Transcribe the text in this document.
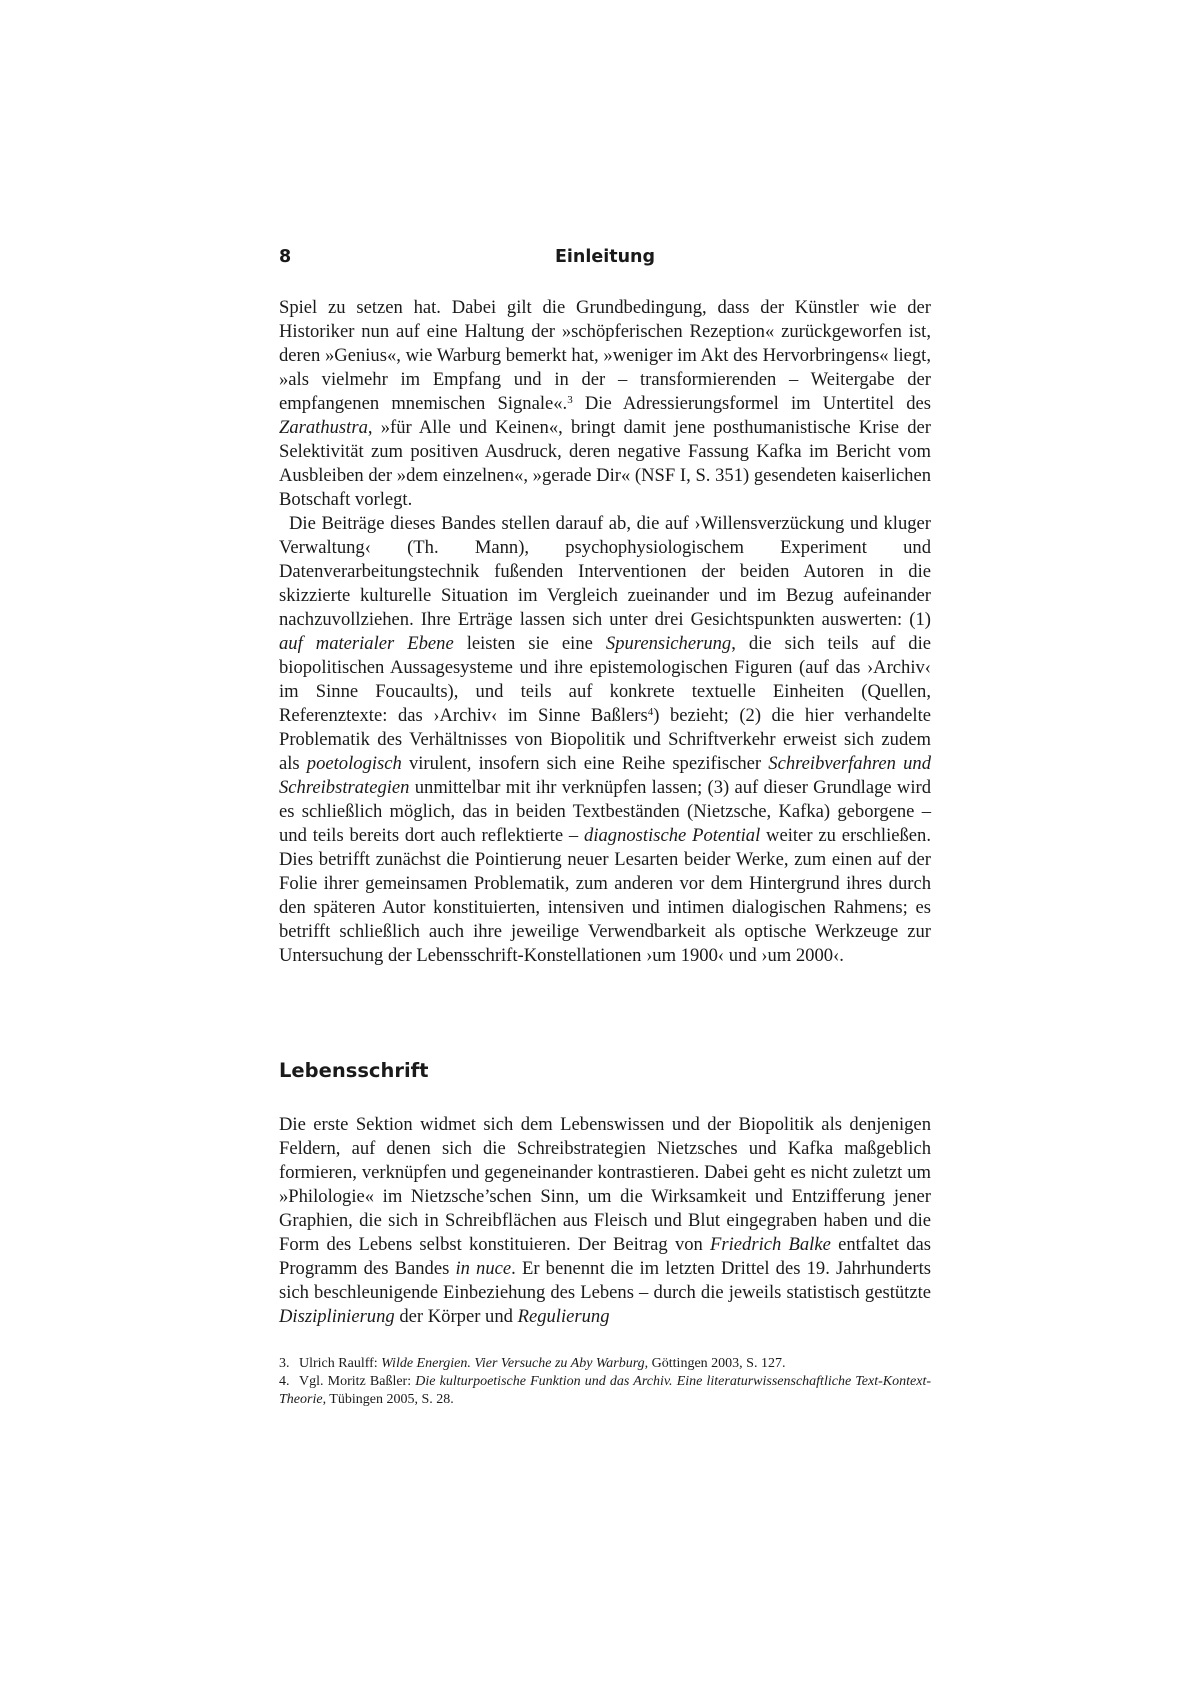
8	Einleitung

Spiel zu setzen hat. Dabei gilt die Grundbedingung, dass der Künstler wie der Historiker nun auf eine Haltung der »schöpferischen Rezeption« zurückgeworfen ist, deren »Genius«, wie Warburg bemerkt hat, »weniger im Akt des Hervorbringens« liegt, »als vielmehr im Empfang und in der – transformierenden – Weitergabe der empfangenen mnemischen Signale«.$^3$ Die Adressierungsformel im Untertitel des Zarathustra, »für Alle und Keinen«, bringt damit jene posthumanistische Krise der Selektivität zum positiven Ausdruck, deren negative Fassung Kafka im Bericht vom Ausbleiben der »dem einzelnen«, »gerade Dir« (NSF I, S. 351) gesendeten kaiserlichen Botschaft vorlegt.

Die Beiträge dieses Bandes stellen darauf ab, die auf ›Willensverzückung und kluger Verwaltung‹ (Th. Mann), psychophysiologischem Experiment und Datenverarbeitungstechnik fußenden Interventionen der beiden Autoren in die skizzierte kulturelle Situation im Vergleich zueinander und im Bezug aufeinander nachzuvollziehen. Ihre Erträge lassen sich unter drei Gesichtspunkten auswerten: (1) auf materialer Ebene leisten sie eine Spurensicherung, die sich teils auf die biopolitischen Aussagesysteme und ihre epistemologischen Figuren (auf das ›Archiv‹ im Sinne Foucaults), und teils auf konkrete textuelle Einheiten (Quellen, Referenztexte: das ›Archiv‹ im Sinne Baßlers$^4$) bezieht; (2) die hier verhandelte Problematik des Verhältnisses von Biopolitik und Schriftverkehr erweist sich zudem als poetologisch virulent, insofern sich eine Reihe spezifischer Schreibverfahren und Schreibstrategien unmittelbar mit ihr verknüpfen lassen; (3) auf dieser Grundlage wird es schließlich möglich, das in beiden Textbeständen (Nietzsche, Kafka) geborgene – und teils bereits dort auch reflektierte – diagnostische Potential weiter zu erschließen. Dies betrifft zunächst die Pointierung neuer Lesarten beider Werke, zum einen auf der Folie ihrer gemeinsamen Problematik, zum anderen vor dem Hintergrund ihres durch den späteren Autor konstituierten, intensiven und intimen dialogischen Rahmens; es betrifft schließlich auch ihre jeweilige Verwendbarkeit als optische Werkzeuge zur Untersuchung der Lebensschrift-Konstellationen ›um 1900‹ und ›um 2000‹.

Lebensschrift

Die erste Sektion widmet sich dem Lebenswissen und der Biopolitik als denjenigen Feldern, auf denen sich die Schreibstrategien Nietzsches und Kafka maßgeblich formieren, verknüpfen und gegeneinander kontrastieren. Dabei geht es nicht zuletzt um »Philologie« im Nietzsche’schen Sinn, um die Wirksamkeit und Entzifferung jener Graphien, die sich in Schreibflächen aus Fleisch und Blut eingegraben haben und die Form des Lebens selbst konstituieren. Der Beitrag von Friedrich Balke entfaltet das Programm des Bandes in nuce. Er benennt die im letzten Drittel des 19. Jahrhunderts sich beschleunigende Einbeziehung des Lebens – durch die jeweils statistisch gestützte Disziplinierung der Körper und Regulierung

3. Ulrich Raulff: Wilde Energien. Vier Versuche zu Aby Warburg, Göttingen 2003, S. 127.

4. Vgl. Moritz Baßler: Die kulturpoetische Funktion und das Archiv. Eine literaturwissenschaftliche Text-Kontext-Theorie, Tübingen 2005, S. 28.
